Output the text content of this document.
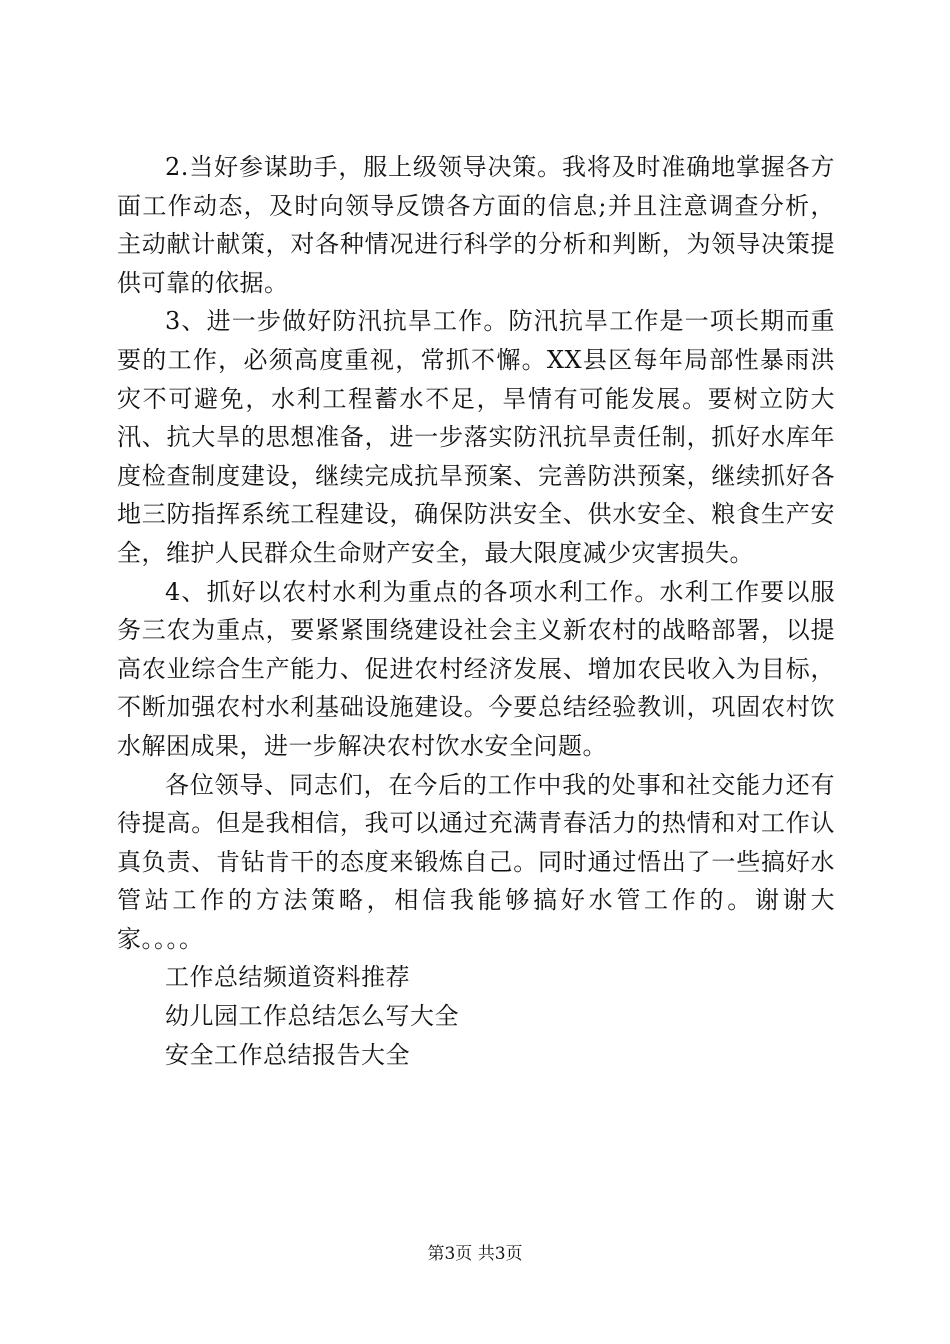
2.当好参谋助手，服上级领导决策。我将及时准确地掌握各方面工作动态，及时向领导反馈各方面的信息;并且注意调查分析，主动献计献策，对各种情况进行科学的分析和判断，为领导决策提供可靠的依据。

3、进一步做好防汛抗旱工作。防汛抗旱工作是一项长期而重要的工作，必须高度重视，常抓不懈。XX县区每年局部性暴雨洪灾不可避免，水利工程蓄水不足，旱情有可能发展。要树立防大汛、抗大旱的思想准备，进一步落实防汛抗旱责任制，抓好水库年度检查制度建设，继续完成抗旱预案、完善防洪预案，继续抓好各地三防指挥系统工程建设，确保防洪安全、供水安全、粮食生产安全，维护人民群众生命财产安全，最大限度减少灾害损失。

4、抓好以农村水利为重点的各项水利工作。水利工作要以服务三农为重点，要紧紧围绕建设社会主义新农村的战略部署，以提高农业综合生产能力、促进农村经济发展、增加农民收入为目标，不断加强农村水利基础设施建设。今要总结经验教训，巩固农村饮水解困成果，进一步解决农村饮水安全问题。

各位领导、同志们，在今后的工作中我的处事和社交能力还有待提高。但是我相信，我可以通过充满青春活力的热情和对工作认真负责、肯钻肯干的态度来锻炼自己。同时通过悟出了一些搞好水管站工作的方法策略，相信我能够搞好水管工作的。谢谢大家。。。。

工作总结频道资料推荐

幼儿园工作总结怎么写大全

安全工作总结报告大全

第3页 共3页
